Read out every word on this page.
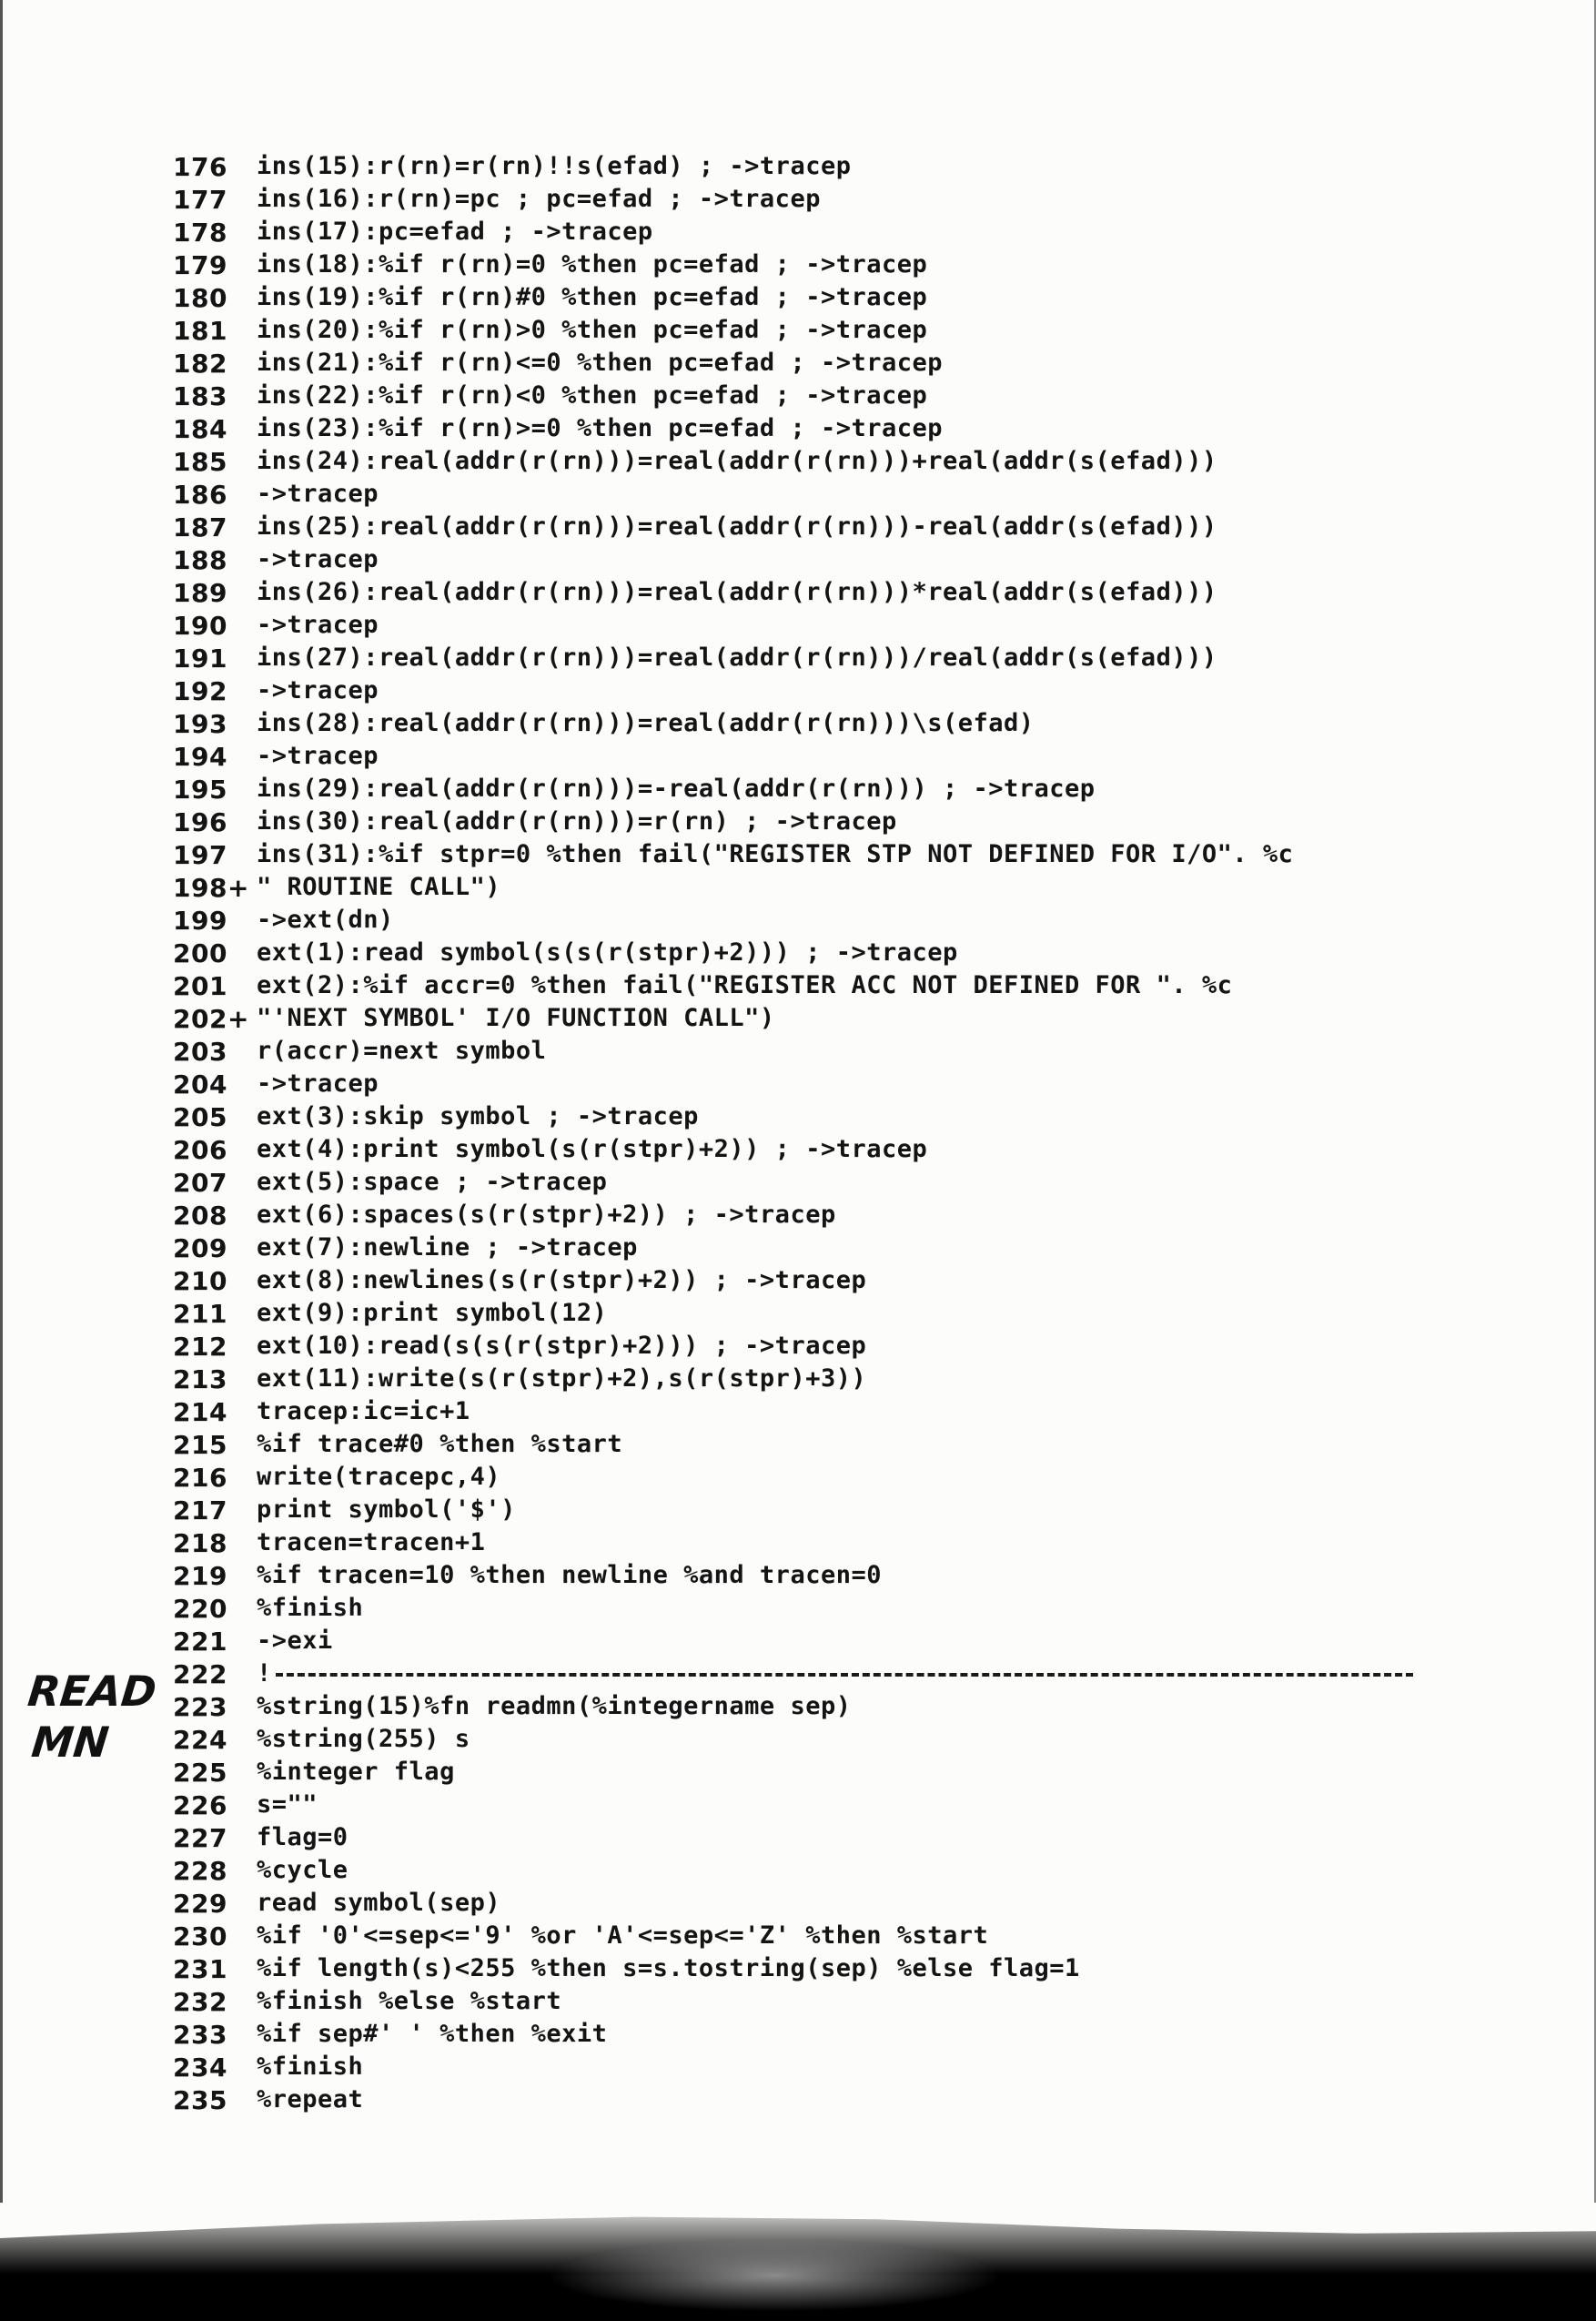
READ
MN
176	ins(15):r(rn)=r(rn)!!s(efad) ; ->tracep
177	ins(16):r(rn)=pc ; pc=efad ; ->tracep
178	ins(17):pc=efad ; ->tracep
179	ins(18):%if r(rn)=0 %then pc=efad ; ->tracep
180	ins(19):%if r(rn)#0 %then pc=efad ; ->tracep
181	ins(20):%if r(rn)>0 %then pc=efad ; ->tracep
182	ins(21):%if r(rn)<=0 %then pc=efad ; ->tracep
183	ins(22):%if r(rn)<0 %then pc=efad ; ->tracep
184	ins(23):%if r(rn)>=0 %then pc=efad ; ->tracep
185	ins(24):real(addr(r(rn)))=real(addr(r(rn)))+real(addr(s(efad)))
186	->tracep
187	ins(25):real(addr(r(rn)))=real(addr(r(rn)))-real(addr(s(efad)))
188	->tracep
189	ins(26):real(addr(r(rn)))=real(addr(r(rn)))*real(addr(s(efad)))
190	->tracep
191	ins(27):real(addr(r(rn)))=real(addr(r(rn)))/real(addr(s(efad)))
192	->tracep
193	ins(28):real(addr(r(rn)))=real(addr(r(rn)))\s(efad)
194	->tracep
195	ins(29):real(addr(r(rn)))=-real(addr(r(rn))) ; ->tracep
196	ins(30):real(addr(r(rn)))=r(rn) ; ->tracep
197	ins(31):%if stpr=0 %then fail("REGISTER STP NOT DEFINED FOR I/O". %c
198+ " ROUTINE CALL")
199	->ext(dn)
200	ext(1):read symbol(s(s(r(stpr)+2))) ; ->tracep
201	ext(2):%if accr=0 %then fail("REGISTER ACC NOT DEFINED FOR ". %c
202+ "'NEXT SYMBOL' I/O FUNCTION CALL")
203	r(accr)=next symbol
204	->tracep
205	ext(3):skip symbol ; ->tracep
206	ext(4):print symbol(s(r(stpr)+2)) ; ->tracep
207	ext(5):space ; ->tracep
208	ext(6):spaces(s(r(stpr)+2)) ; ->tracep
209	ext(7):newline ; ->tracep
210	ext(8):newlines(s(r(stpr)+2)) ; ->tracep
211	ext(9):print symbol(12)
212	ext(10):read(s(s(r(stpr)+2))) ; ->tracep
213	ext(11):write(s(r(stpr)+2),s(r(stpr)+3))
214	tracep:ic=ic+1
215	%if trace#0 %then %start
216	write(tracepc,4)
217	print symbol('$')
218	tracen=tracen+1
219	%if tracen=10 %then newline %and tracen=0
220	%finish
221	->exi
222	!
223	%string(15)%fn readmn(%integername sep)
224	%string(255) s
225	%integer flag
226	s=""
227	flag=0
228	%cycle
229	read symbol(sep)
230	%if '0'<=sep<='9' %or 'A'<=sep<='Z' %then %start
231	%if length(s)<255 %then s=s.tostring(sep) %else flag=1
232	%finish %else %start
233	%if sep#' ' %then %exit
234	%finish
235	%repeat
